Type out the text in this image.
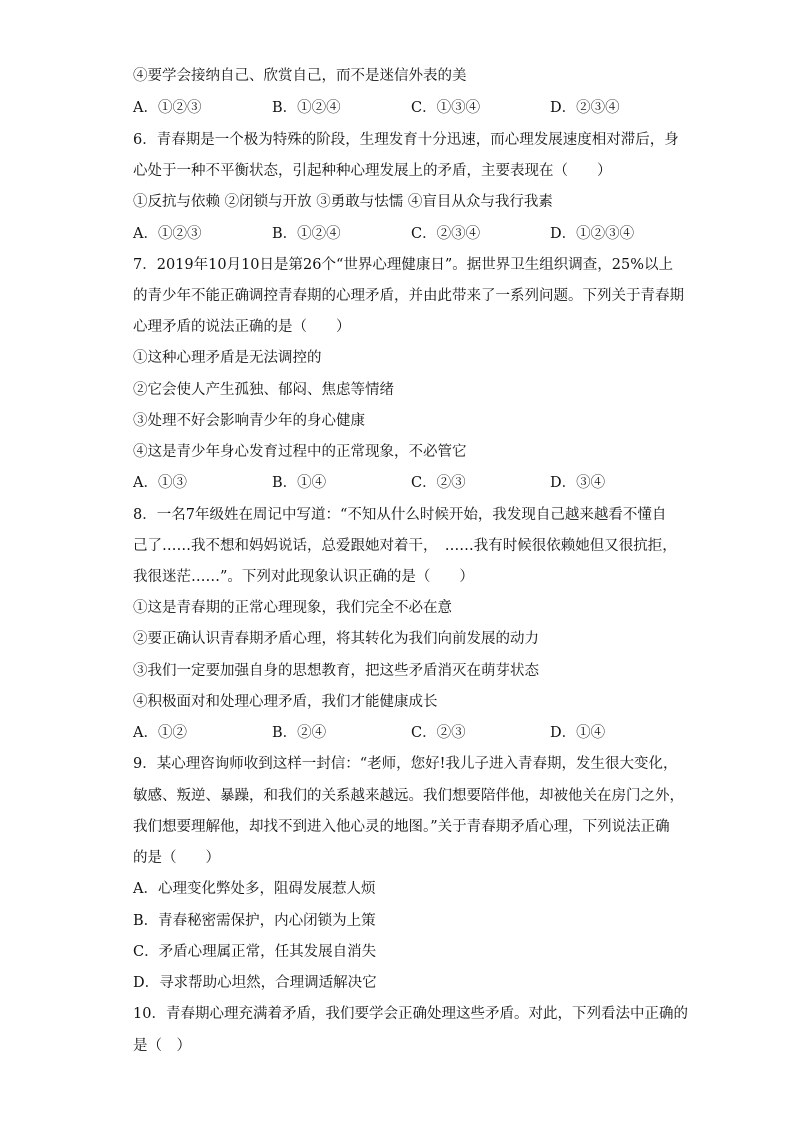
④要学会接纳自己、欣赏自己，而不是迷信外表的美
A．①②③	B．①②④	C．①③④	D．②③④
6．青春期是一个极为特殊的阶段，生理发育十分迅速，而心理发展速度相对滞后，身
心处于一种不平衡状态，引起种种心理发展上的矛盾，主要表现在（　　）
①反抗与依赖 ②闭锁与开放 ③勇敢与怯懦 ④盲目从众与我行我素
A．①②③	B．①②④	C．②③④	D．①②③④
7．2019年10月10日是第26个“世界心理健康日”。据世界卫生组织调查，25%以上
的青少年不能正确调控青春期的心理矛盾，并由此带来了一系列问题。下列关于青春期
心理矛盾的说法正确的是（　　）
①这种心理矛盾是无法调控的
②它会使人产生孤独、郁闷、焦虑等情绪
③处理不好会影响青少年的身心健康
④这是青少年身心发育过程中的正常现象，不必管它
A．①③	B．①④	C．②③	D．③④
8．一名7年级姓在周记中写道：“不知从什么时候开始，我发现自己越来越看不懂自
己了……我不想和妈妈说话，总爱跟她对着干，　……我有时候很依赖她但又很抗拒，
我很迷茫……”。下列对此现象认识正确的是（　　）
①这是青春期的正常心理现象，我们完全不必在意
②要正确认识青春期矛盾心理，将其转化为我们向前发展的动力
③我们一定要加强自身的思想教育，把这些矛盾消灭在萌芽状态
④积极面对和处理心理矛盾，我们才能健康成长
A．①②	B．②④	C．②③	D．①④
9．某心理咨询师收到这样一封信：“老师，您好!我儿子进入青春期，发生很大变化，
敏感、叛逆、暴躁，和我们的关系越来越远。我们想要陪伴他，却被他关在房门之外，
我们想要理解他，却找不到进入他心灵的地图。”关于青春期矛盾心理，下列说法正确
的是（　　）
A．心理变化弊处多，阻碍发展惹人烦
B．青春秘密需保护，内心闭锁为上策
C．矛盾心理属正常，任其发展自消失
D．寻求帮助心坦然，合理调适解决它
10．青春期心理充满着矛盾，我们要学会正确处理这些矛盾。对此，下列看法中正确的
是（　）
